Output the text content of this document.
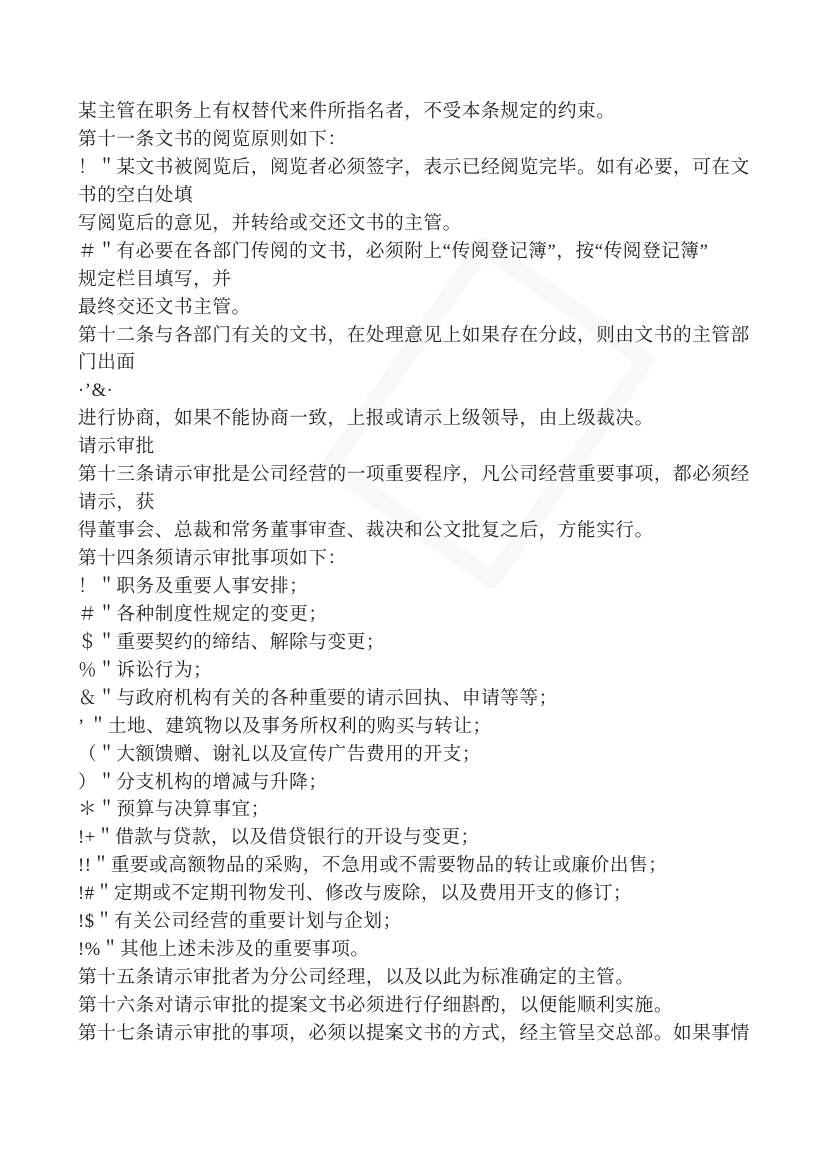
某主管在职务上有权替代来件所指名者，不受本条规定的约束。
第十一条文书的阅览原则如下：
！＂某文书被阅览后，阅览者必须签字，表示已经阅览完毕。如有必要，可在文
书的空白处填
写阅览后的意见，并转给或交还文书的主管。
＃＂有必要在各部门传阅的文书，必须附上“传阅登记簿”，按“传阅登记簿”
规定栏目填写，并
最终交还文书主管。
第十二条与各部门有关的文书，在处理意见上如果存在分歧，则由文书的主管部
门出面
·’&·
进行协商，如果不能协商一致，上报或请示上级领导，由上级裁决。
请示审批
第十三条请示审批是公司经营的一项重要程序，凡公司经营重要事项，都必须经
请示，获
得董事会、总裁和常务董事审查、裁决和公文批复之后，方能实行。
第十四条须请示审批事项如下：
！＂职务及重要人事安排；
＃＂各种制度性规定的变更；
＄＂重要契约的缔结、解除与变更；
％＂诉讼行为；
＆＂与政府机构有关的各种重要的请示回执、申请等等；
’ ＂土地、建筑物以及事务所权利的购买与转让；
（＂大额馈赠、谢礼以及宣传广告费用的开支；
）＂分支机构的增减与升降；
＊＂预算与决算事宜；
!+＂借款与贷款，以及借贷银行的开设与变更；
!!＂重要或高额物品的采购，不急用或不需要物品的转让或廉价出售；
!#＂定期或不定期刊物发刊、修改与废除，以及费用开支的修订；
!$＂有关公司经营的重要计划与企划；
!%＂其他上述未涉及的重要事项。
第十五条请示审批者为分公司经理，以及以此为标准确定的主管。
第十六条对请示审批的提案文书必须进行仔细斟酌，以便能顺利实施。
第十七条请示审批的事项，必须以提案文书的方式，经主管呈交总部。如果事情
